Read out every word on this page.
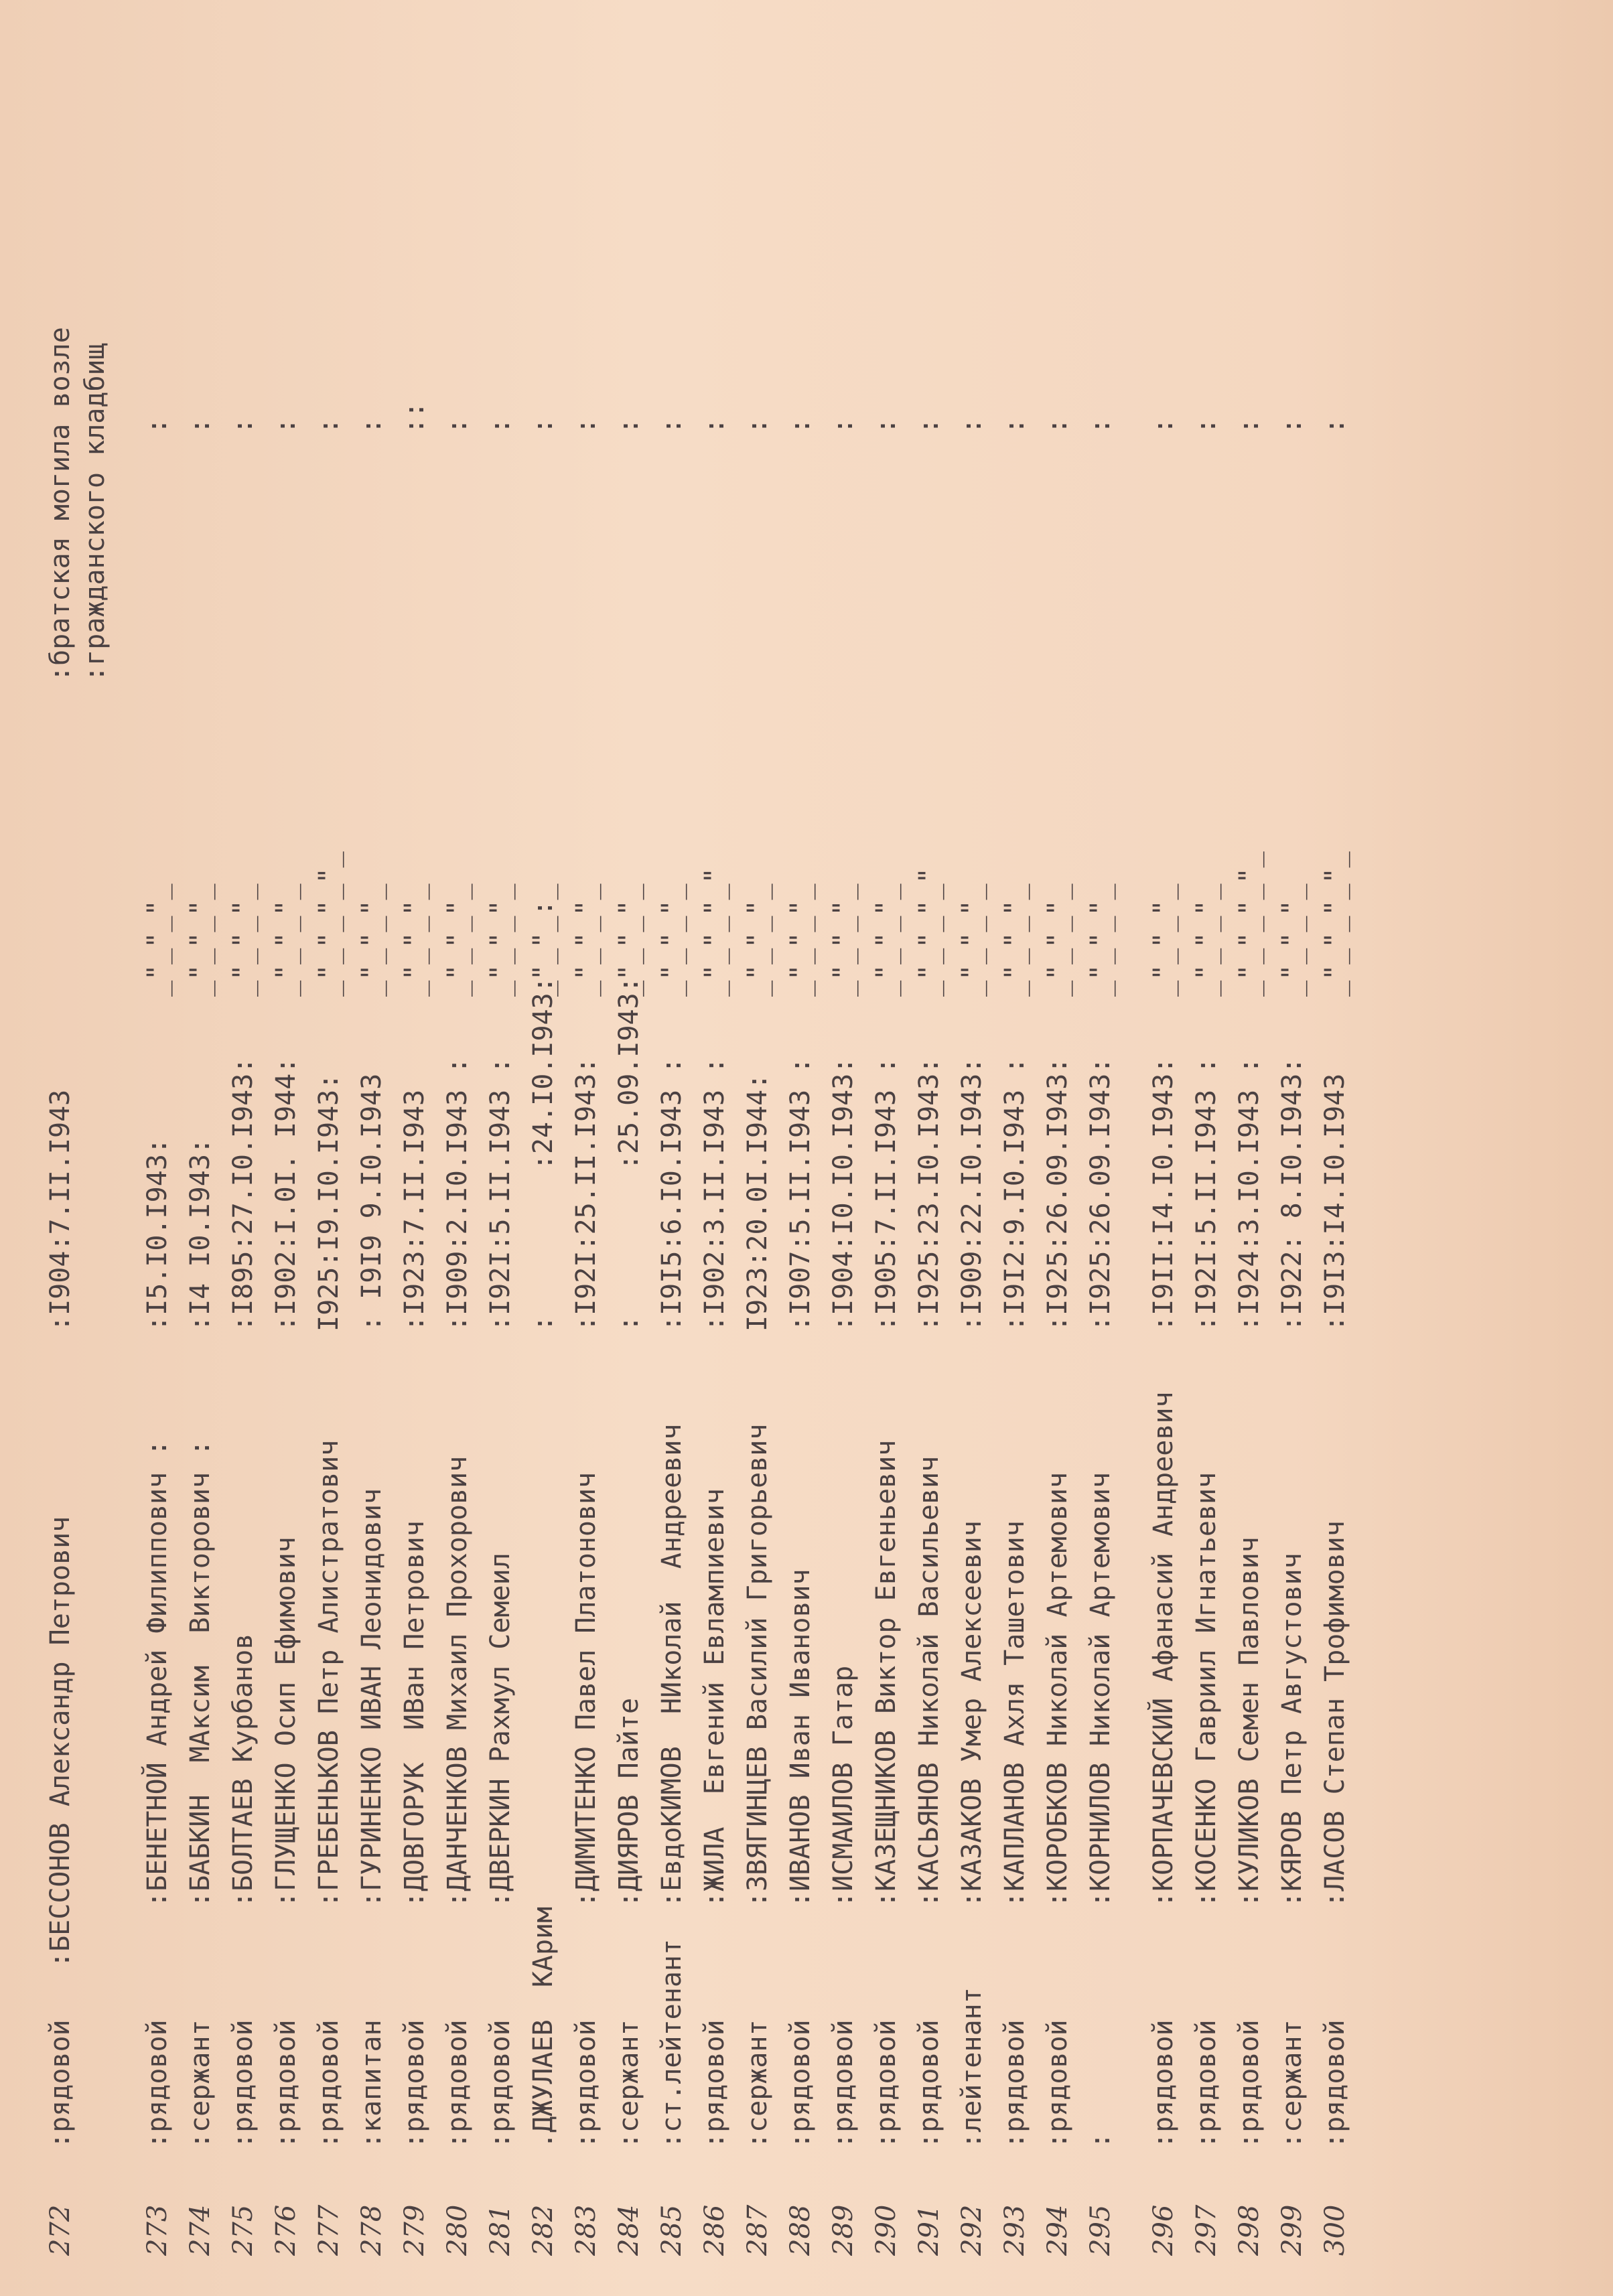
272

:рядовой

:БЕССОНОВ Александр Петрович

:I904:7.II.I943

:братская могила возле

:гражданского кладбищ

273
:рядовой
:БЕНЕТНОЙ Андрей Филиппович :
:I5.I0.I943:
_"_"_"_
:
274
:сержант
:БАБКИН  МАксим  Викторович :
:I4 I0.I943:
_"_"_"_
:
275
:рядовой
:БОЛТАЕВ Курбанов
:I895:27.I0.I943:
_"_"_"_
:
276
:рядовой
:ГЛУЩЕНКО Осип Ефимович
:I902:I.0I. I944:
_"_"_"_
:
277
:рядовой
:ГРЕБЕНЬКОВ Петр Алистратович
I925:I9.I0.I943:
_"_"_"_"_
:
278
:капитан
:ГУРИНЕНКО ИВАН Леонидович
: I9I9 9.I0.I943
_"_"_"_
:
279
:рядовой
:ДОВГОРУК  ИВан Петрович
:I923:7.II.I943
_"_"_"_
::
280
:рядовой
:ДАНЧЕНКОВ Михаил Прохорович
:I909:2.I0.I943 :
_"_"_"_
:
281
:рядовой
:ДВЕРКИН Рахмул Семеил
:I92I:5.II.I943 :
_"_"_"_
:
282
.ДЖУЛАЕВ  КАрим
:         :24.I0.I943:
_"_"_:_
:
283
:рядовой
:ДИМИТЕНКО Павел Платонович
:I92I:25.II.I943:
_"_"_"_
:
284
:сержант
:ДИЯРОВ Пайте
:         :25.09.I943:
_"_"_"_
:
285
:ст.лейтенант
:ЕвдоКИМОВ  НИколай  Андреевич
:I9I5:6.I0.I943 :
_"_"_"_
:
286
:рядовой
:ЖИЛА  Евгений Евлампиевич
:I902:3.II.I943 :
_"_"_"_"
:
287
:сержант
:ЗВЯГИНЦЕВ Василий Григорьевич
I923:20.0I.I944:
_"_"_"_
:
288
:рядовой
:ИВАНОВ Иван Иванович
:I907:5.II.I943 :
_"_"_"_
:
289
:рядовой
:ИСМАИЛОВ Гатар
:I904:I0.I0.I943:
_"_"_"_
:
290
:рядовой
:КАЗЕЩНИКОВ Виктор Евгеньевич
:I905:7.II.I943 :
_"_"_"_
:
291
:рядовой
:КАСЬЯНОВ Николай Васильевич
:I925:23.I0.I943:
_"_"_"_"
:
292
:лейтенант
:КАЗАКОВ Умер Алексеевич
:I909:22.I0.I943:
_"_"_"_
:
293
:рядовой
:КАПЛАНОВ Ахля Ташетович
:I9I2:9.I0.I943 :
_"_"_"_
:
294
:рядовой
:КОРОБКОВ Николай Артемович
:I925:26.09.I943:
_"_"_"_
:
295
:
:КОРНИЛОВ Николай Артемович
:I925:26.09.I943:
_"_"_"_
:
296
:рядовой
:КОРПАЧЕВСКИЙ Афанасий Андреевич
:I9II:I4.I0.I943:
_"_"_"_
:
297
:рядовой
:КОСЕНКО Гавриил Игнатьевич
:I92I:5.II.I943 :
_"_"_"_
:
298
:рядовой
:КУЛИКОВ Семен Павлович
:I924:3.I0.I943 :
_"_"_"_"_
:
299
:сержант
:КЯРОВ Петр Августович
:I922: 8.I0.I943:
_"_"_"_
:
300
:рядовой
:ЛАСОВ Степан Трофимович
:I9I3:I4.I0.I943
_"_"_"_"_
:
